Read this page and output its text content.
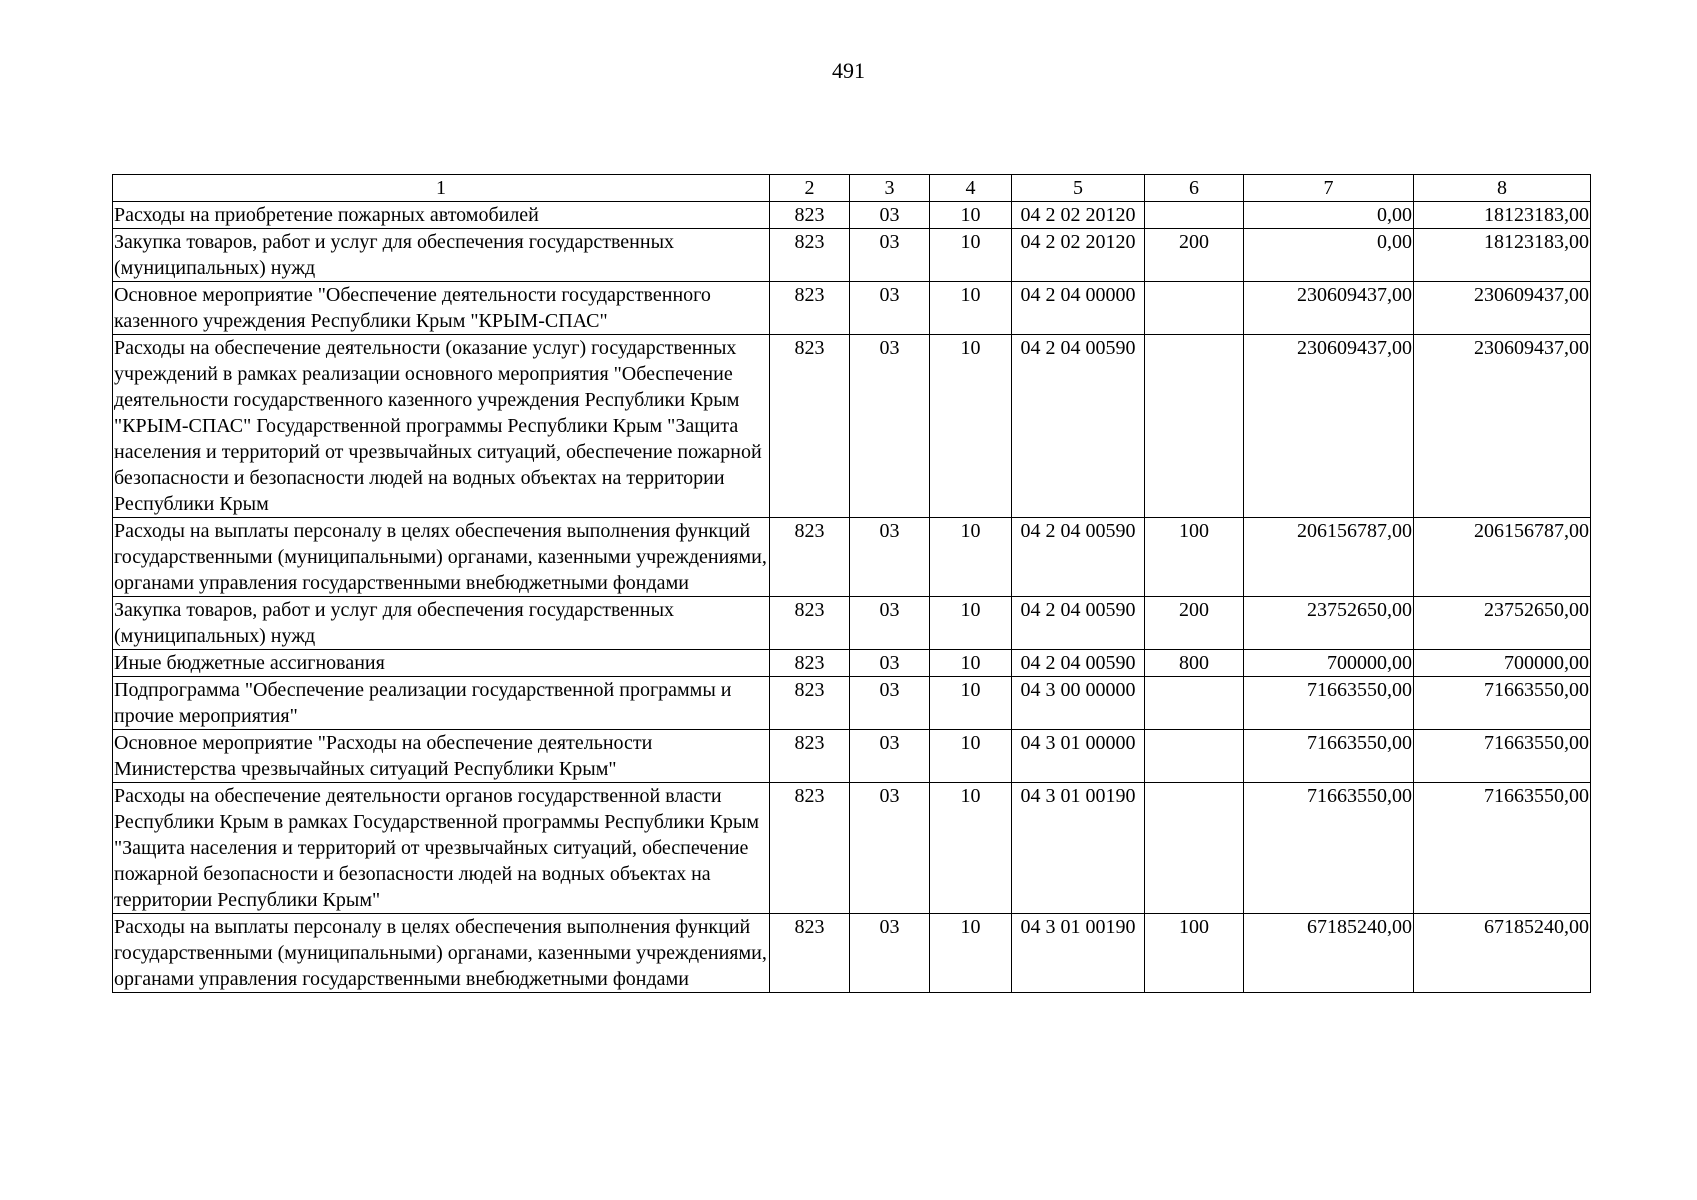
491
1	2	3	4	5	6	7	8
Расходы на приобретение пожарных автомобилей	823	03	10	04 2 02 20120		0,00	18123183,00
Закупка товаров, работ и услуг для обеспечения государственных (муниципальных) нужд	823	03	10	04 2 02 20120	200	0,00	18123183,00
Основное мероприятие "Обеспечение деятельности государственного казенного учреждения Республики Крым "КРЫМ-СПАС"	823	03	10	04 2 04 00000		230609437,00	230609437,00
Расходы на обеспечение деятельности (оказание услуг) государственных учреждений в рамках реализации основного мероприятия "Обеспечение деятельности государственного казенного учреждения Республики Крым "КРЫМ-СПАС" Государственной программы Республики Крым "Защита населения и территорий от чрезвычайных ситуаций, обеспечение пожарной безопасности и безопасности людей на водных объектах на территории Республики Крым	823	03	10	04 2 04 00590		230609437,00	230609437,00
Расходы на выплаты персоналу в целях обеспечения выполнения функций государственными (муниципальными) органами, казенными учреждениями, органами управления государственными внебюджетными фондами	823	03	10	04 2 04 00590	100	206156787,00	206156787,00
Закупка товаров, работ и услуг для обеспечения государственных (муниципальных) нужд	823	03	10	04 2 04 00590	200	23752650,00	23752650,00
Иные бюджетные ассигнования	823	03	10	04 2 04 00590	800	700000,00	700000,00
Подпрограмма "Обеспечение реализации государственной программы и прочие мероприятия"	823	03	10	04 3 00 00000		71663550,00	71663550,00
Основное мероприятие "Расходы на обеспечение деятельности Министерства чрезвычайных ситуаций Республики Крым"	823	03	10	04 3 01 00000		71663550,00	71663550,00
Расходы на обеспечение деятельности органов государственной власти Республики Крым в рамках Государственной программы Республики Крым "Защита населения и территорий от чрезвычайных ситуаций, обеспечение пожарной безопасности и безопасности людей на водных объектах на территории Республики Крым"	823	03	10	04 3 01 00190		71663550,00	71663550,00
Расходы на выплаты персоналу в целях обеспечения выполнения функций государственными (муниципальными) органами, казенными учреждениями, органами управления государственными внебюджетными фондами	823	03	10	04 3 01 00190	100	67185240,00	67185240,00
